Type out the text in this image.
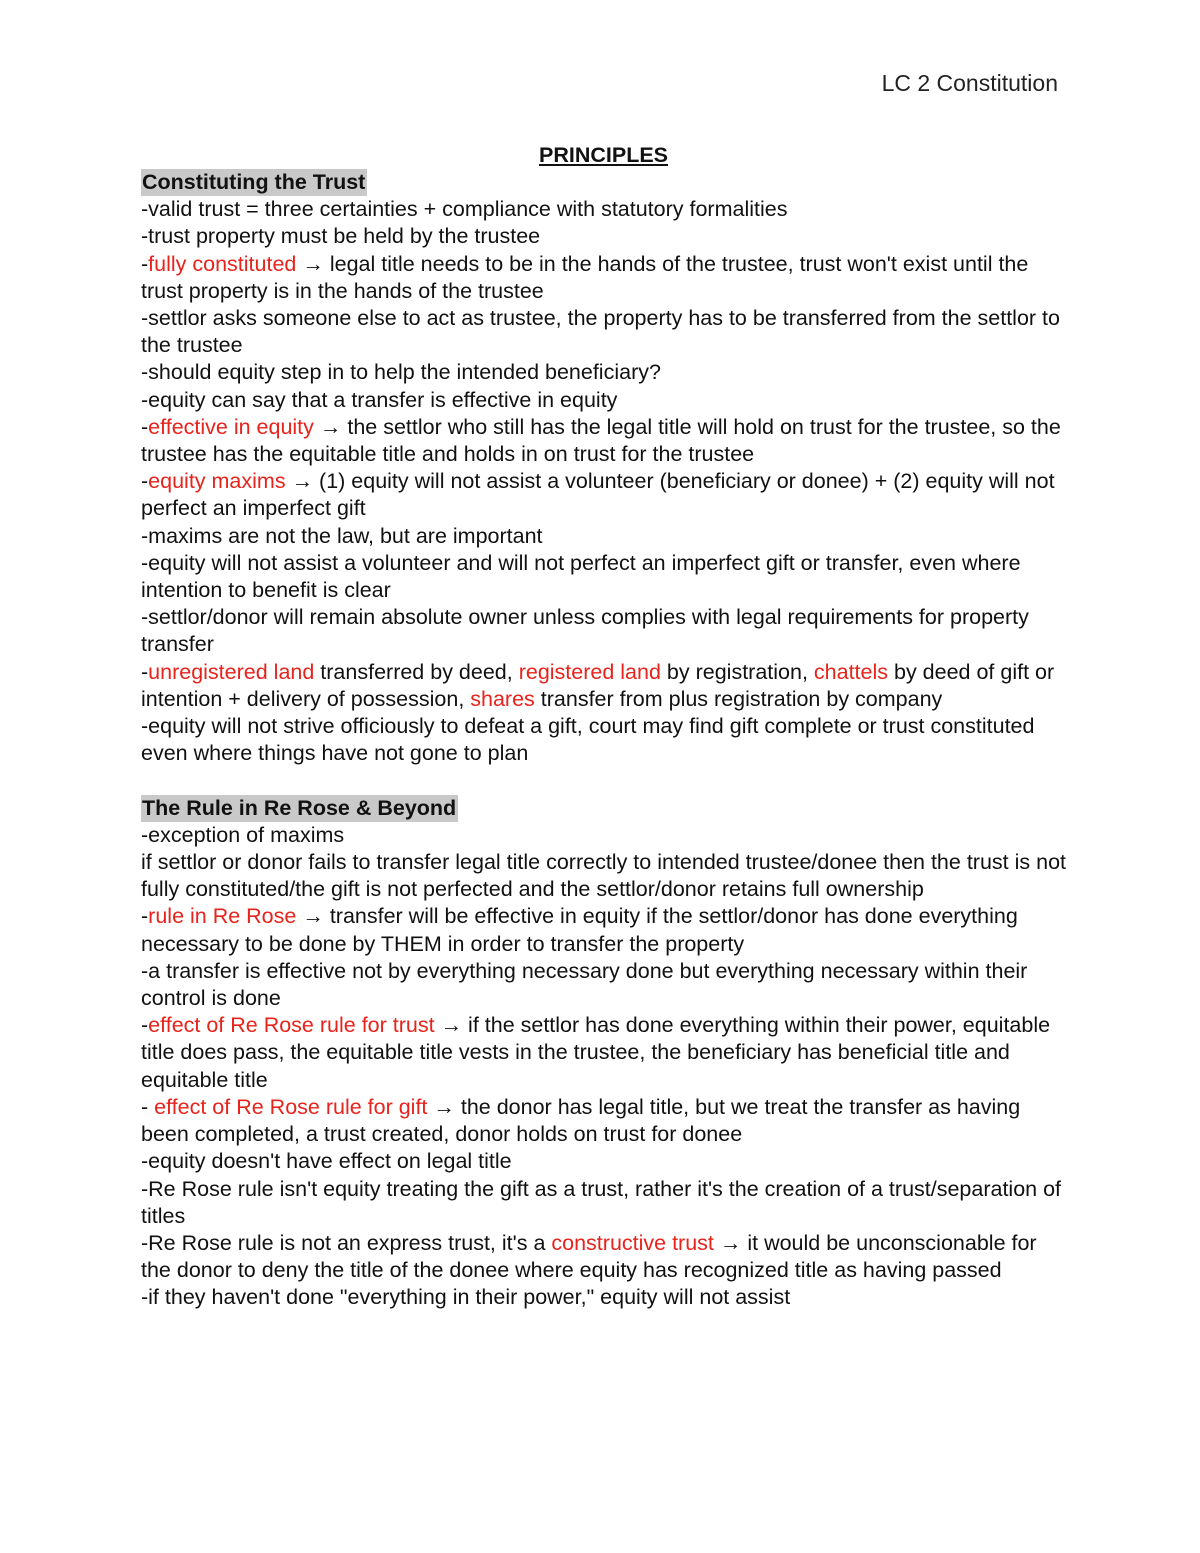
LC 2 Constitution
PRINCIPLES
Constituting the Trust

-valid trust = three certainties + compliance with statutory formalities

-trust property must be held by the trustee

-fully constituted → legal title needs to be in the hands of the trustee, trust won't exist until the trust property is in the hands of the trustee

-settlor asks someone else to act as trustee, the property has to be transferred from the settlor to the trustee

-should equity step in to help the intended beneficiary?

-equity can say that a transfer is effective in equity

-effective in equity → the settlor who still has the legal title will hold on trust for the trustee, so the trustee has the equitable title and holds in on trust for the trustee

-equity maxims → (1) equity will not assist a volunteer (beneficiary or donee) + (2) equity will not perfect an imperfect gift

-maxims are not the law, but are important

-equity will not assist a volunteer and will not perfect an imperfect gift or transfer, even where intention to benefit is clear

-settlor/donor will remain absolute owner unless complies with legal requirements for property transfer

-unregistered land transferred by deed, registered land by registration, chattels by deed of gift or intention + delivery of possession, shares transfer from plus registration by company

-equity will not strive officiously to defeat a gift, court may find gift complete or trust constituted even where things have not gone to plan

The Rule in Re Rose & Beyond

-exception of maxims

if settlor or donor fails to transfer legal title correctly to intended trustee/donee then the trust is not fully constituted/the gift is not perfected and the settlor/donor retains full ownership

-rule in Re Rose → transfer will be effective in equity if the settlor/donor has done everything necessary to be done by THEM in order to transfer the property

-a transfer is effective not by everything necessary done but everything necessary within their control is done

-effect of Re Rose rule for trust → if the settlor has done everything within their power, equitable title does pass, the equitable title vests in the trustee, the beneficiary has beneficial title and equitable title

- effect of Re Rose rule for gift → the donor has legal title, but we treat the transfer as having been completed, a trust created, donor holds on trust for donee

-equity doesn't have effect on legal title

-Re Rose rule isn't equity treating the gift as a trust, rather it's the creation of a trust/separation of titles

-Re Rose rule is not an express trust, it's a constructive trust → it would be unconscionable for the donor to deny the title of the donee where equity has recognized title as having passed

-if they haven't done "everything in their power," equity will not assist
